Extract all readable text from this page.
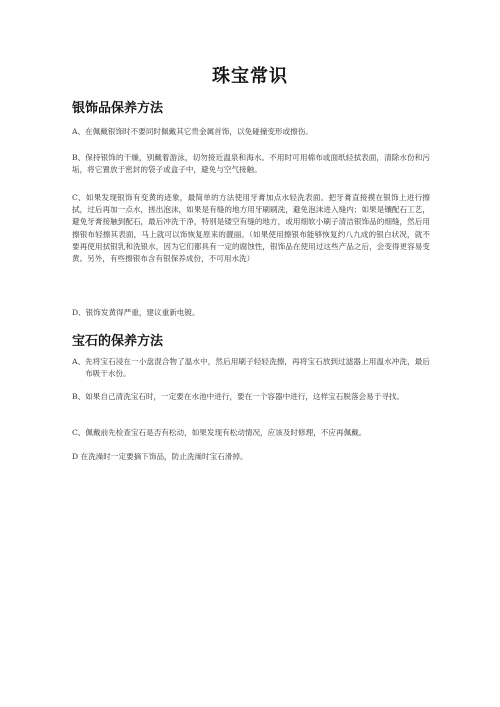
珠宝常识
银饰品保养方法
A、在佩戴银饰时不要同时佩戴其它贵金属首饰，以免碰撞变形或擦伤。
B、保持银饰的干燥，别戴着游泳，切勿接近温泉和海水。不用时可用棉布或面纸轻拭表面，清除水份和污垢，将它置放于密封的袋子或盒子中，避免与空气接触。
C、如果发现银饰有变黄的迹象，最简单的方法使用牙膏加点水轻洗表面。把牙膏直接摸在银饰上进行擦拭，过后再加一点水，搓出泡沫，如果是有缝的地方用牙刷刷洗，避免泡沫进入缝内；如果是镶配石工艺，避免牙膏接触到配石，最后冲洗干净，特别是镂空有缝的地方，或用细软小刷子清洁银饰品的细缝，然后用擦银布轻擦其表面，马上就可以饰恢复原来的靓丽。（如果使用擦银布能够恢复约八九成的银白状况，就不要再使用拭银乳和洗银水，因为它们都具有一定的腐蚀性，银饰品在使用过这些产品之后，会变得更容易变黄。另外，有些擦银布含有银保养成份，不可用水洗）
D、银饰发黄得严重，建议重新电镀。
宝石的保养方法
A、 先将宝石浸在一小盘混合物了温水中，然后用刷子轻轻洗擦，再将宝石放到过滤器上用温水冲洗，最后布吸干水份。
B、如果自己清洗宝石时，一定要在水池中进行，要在一个容器中进行，这样宝石脱落会易于寻找。
C、佩戴前先检查宝石是否有松动，如果发现有松动情况，应该及时修理，不应再佩戴。
D 在洗澡时一定要摘下饰品，防止洗澡时宝石滑掉。
